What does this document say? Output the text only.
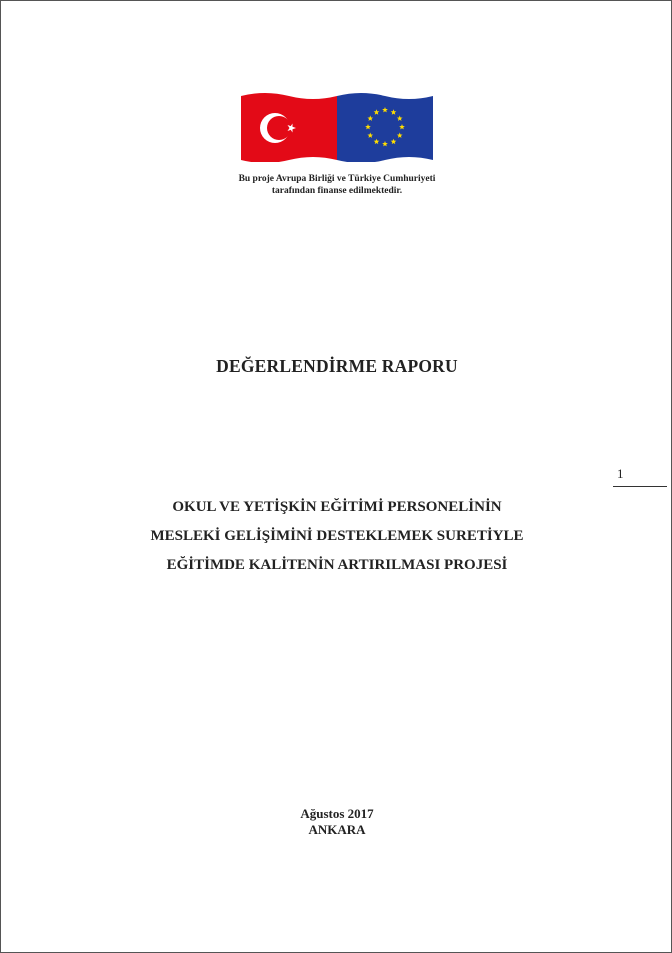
Bu proje Avrupa Birliği ve Türkiye Cumhuriyeti
tarafından finanse edilmektedir.
DEĞERLENDİRME RAPORU
1
OKUL VE YETİŞKİN EĞİTİMİ PERSONELİNİN
MESLEKİ GELİŞİMİNİ DESTEKLEMEK SURETİYLE
EĞİTİMDE KALİTENİN ARTIRILMASI PROJESİ
Ağustos 2017
ANKARA
